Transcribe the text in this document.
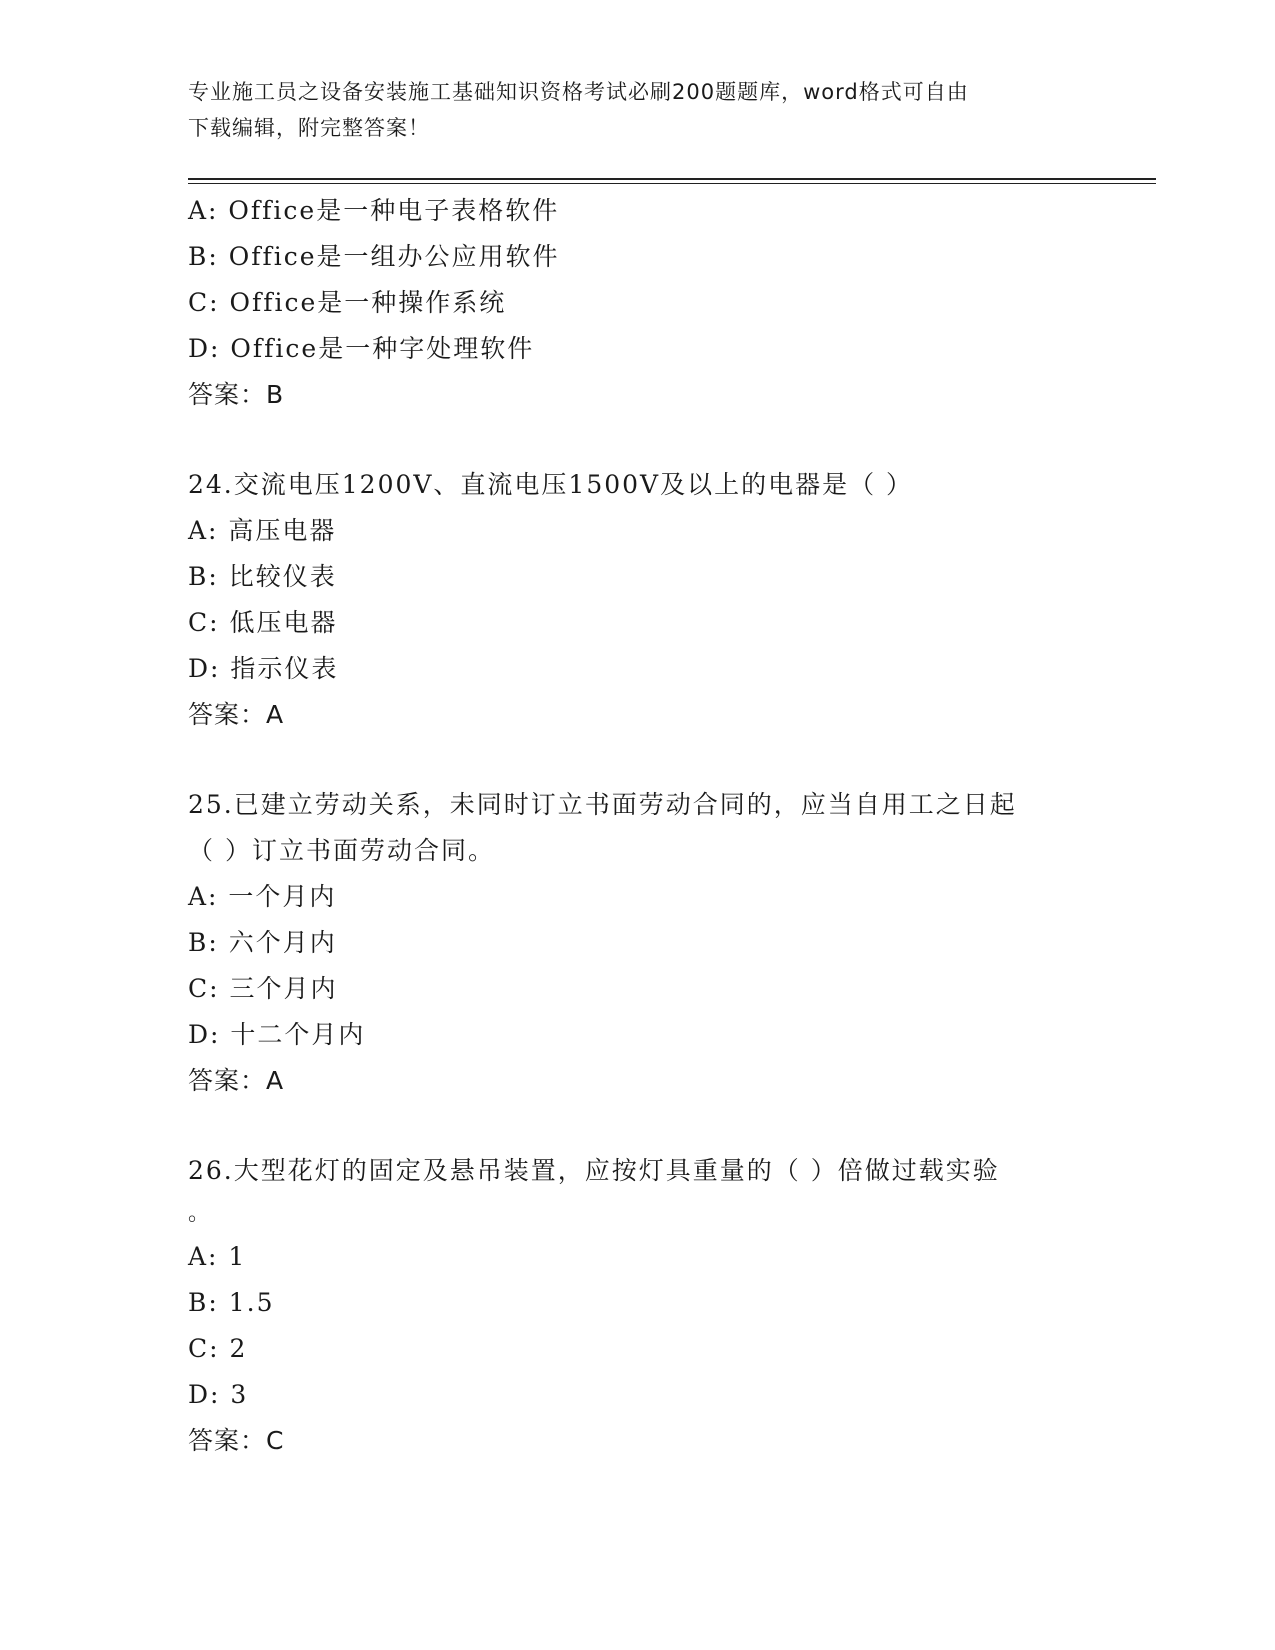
专业施工员之设备安装施工基础知识资格考试必刷200题题库，word格式可自由
下载编辑，附完整答案！
A: Office是一种电子表格软件
B: Office是一组办公应用软件
C: Office是一种操作系统
D: Office是一种字处理软件
答案：B
24.交流电压1200V、直流电压1500V及以上的电器是（ ）
A: 高压电器
B: 比较仪表
C: 低压电器
D: 指示仪表
答案：A
25.已建立劳动关系，未同时订立书面劳动合同的，应当自用工之日起
（ ）订立书面劳动合同。
A: 一个月内
B: 六个月内
C: 三个月内
D: 十二个月内
答案：A
26.大型花灯的固定及悬吊装置，应按灯具重量的（ ）倍做过载实验
。
A: 1
B: 1.5
C: 2
D: 3
答案：C
